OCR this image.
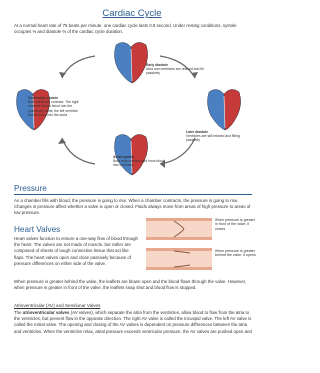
Cardiac Cycle
At a normal heart rate of 75 beats per minute, one cardiac cycle lasts 0.8 second. Under resting conditions, systole occupies ⅓ and diastole ⅔ of the cardiac cycle duration.
Early diastole
Atria and ventricles are relaxed and fill passively
Ventricular systole
Both ventricles contract. The right ventricle forces blood into the pulmonary trunk; the left ventricle forces blood into the aorta
Later diastole
Ventricles are still relaxed and filling passively
Atrial systole
Both atria contract and force blood into ventricles
Pressure
As a chamber fills with blood, the pressure is going to rise. When a chamber contracts, the pressure is going to rise. Changes in pressure affect whether a valve is open or closed. Fluids always move from areas of high pressure to areas of low pressure.
Heart Valves
Heart valves function to ensure a one-way flow of blood through the heart. The valves are not made of muscle, but rather are composed of sheets of tough connective tissue that act like flaps. The heart valves open and close passively because of pressure differences on either side of the valve.
If/hen pressure is greater in front of the valve, it closes
If/hen pressure is greater behind the valve, it opens
When pressure is greater behind the valve, the leaflets are blown open and the blood flows through the valve. However, when pressure is greater in front of the valve, the leaflets snap shut and blood flow is stopped.
Atrioventricular (AV) and Semilunar Valves
The atrioventricular valves (AV valves), which separate the atria from the ventricles, allow blood to flow from the atria to the ventricles, but prevent flow in the opposite direction. The right AV valve is called the tricuspid valve. The left AV valve is called the mitral valve. The opening and closing of the AV valves is dependent on pressure differences between the atria and ventricles. When the ventricles relax, atrial pressure exceeds ventricular pressure, the AV valves are pushed open and
